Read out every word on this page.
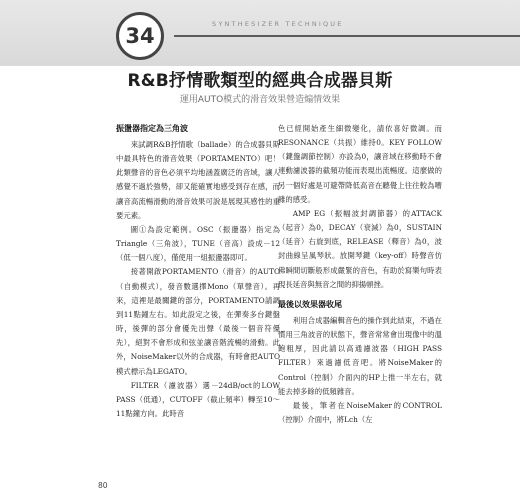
34	SYNTHESIZER TECHNIQUE
R&B抒情歌類型的經典合成器貝斯
運用AUTO模式的滑音效果營造煽情效果
振盪器指定為三角波

來試調R&B抒情歌（ballade）的合成器貝斯中最具特色的滑音效果（PORTAMENTO）吧！此類聲音的音色必須平均地涵蓋廣泛的音域，讓人感覺不過於強勢，卻又能確實地感受到存在感，而讓音高流暢滑動的滑音效果可說是展現其感性的重要元素。

圖①為設定範例。OSC（振盪器）指定為Triangle（三角波），TUNE（音高）設成－12（低一個八度），僅使用一組振盪器即可。

接著開啟PORTAMENTO（滑音）的AUTO（自動模式），發音數選擇Mono（單聲音）。再來，這裡是最關鍵的部分，PORTAMENTO請調到11點鐘左右。如此設定之後，在彈奏多台鍵盤時，後彈的部分會優先出聲（最後一個音符優先），絕對不會形成和弦並讓音階流暢的滑動。此外，NoiseMaker以外的合成器，有時會把AUTO模式標示為LEGATO。

FILTER（濾波器）選－24dB/oct的LOW PASS（低通），CUTOFF（截止頻率）轉至10～11點鐘方向。此時音

色已經開始產生細微變化，請依喜好微調。而RESONANCE（共振）維持0。KEY FOLLOW（鍵盤調節控制）亦設為0，讓音域在移動時不會連動濾波器的截頻功能而表現出流暢度。這麼做的另一個好處是可避帶降低高音在聽覺上往往較為嘈雜的感受。

AMP EG（振幅波封調節器）的ATTACK（起音）為0，DECAY（衰減）為0，SUSTAIN（延音）右旋到底，RELEASE（釋音）為0，波封曲線呈風琴狀。放開琴鍵（key-off）時聲音仿佛瞬間切斷般形成嚴緊的音色，有助於寫樂句時表現長延音與無音之間的抑揚頓挫。

最後以效果器收尾

利用合成器編輯音色的操作到此結束，不過在慣用三角波音的狀態下，聲音常常會出現像中的溫飽粗厚，因此請以高通濾波器（HIGH PASS FILTER）來過濾低音吧。將NoiseMaker的Control（控制）介面內的HP上推一半左右，就能去掉多餘的低頻雜音。

最後，筆者在NoiseMaker的CONTROL（控制）介面中，將Lch（左

80
